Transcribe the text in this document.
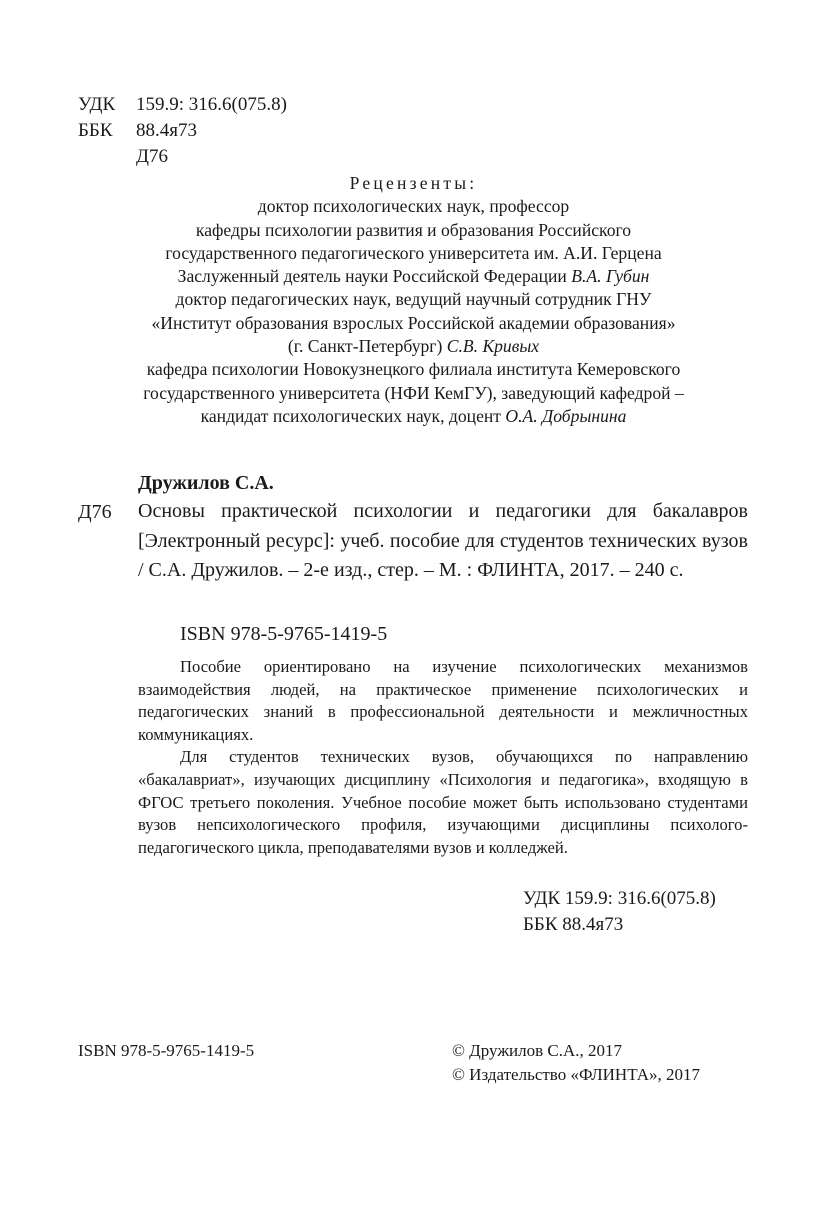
УДК 159.9: 316.6(075.8)
ББК 88.4я73
Д76
Рецензенты:
доктор психологических наук, профессор
кафедры психологии развития и образования Российского
государственного педагогического университета им. А.И. Герцена
Заслуженный деятель науки Российской Федерации В.А. Губин
доктор педагогических наук, ведущий научный сотрудник ГНУ
«Институт образования взрослых Российской академии образования»
(г. Санкт-Петербург) С.В. Кривых
кафедра психологии Новокузнецкого филиала института Кемеровского
государственного университета (НФИ КемГУ), заведующий кафедрой –
кандидат психологических наук, доцент О.А. Добрынина
Дружилов С.А.
Д76 Основы практической психологии и педагогики для бакалавров [Электронный ресурс]: учеб. пособие для студентов технических вузов / С.А. Дружилов. – 2-е изд., стер. – М. : ФЛИНТА, 2017. – 240 с.
ISBN 978-5-9765-1419-5

Пособие ориентировано на изучение психологических механизмов взаимодействия людей, на практическое применение психологических и педагогических знаний в профессиональной деятельности и межличностных коммуникациях.

Для студентов технических вузов, обучающихся по направлению «бакалавриат», изучающих дисциплину «Психология и педагогика», входящую в ФГОС третьего поколения. Учебное пособие может быть использовано студентами вузов непсихологического профиля, изучающими дисциплины психолого-педагогического цикла, преподавателями вузов и колледжей.

УДК 159.9: 316.6(075.8)
ББК 88.4я73
ISBN 978-5-9765-1419-5	© Дружилов С.А., 2017
© Издательство «ФЛИНТА», 2017
